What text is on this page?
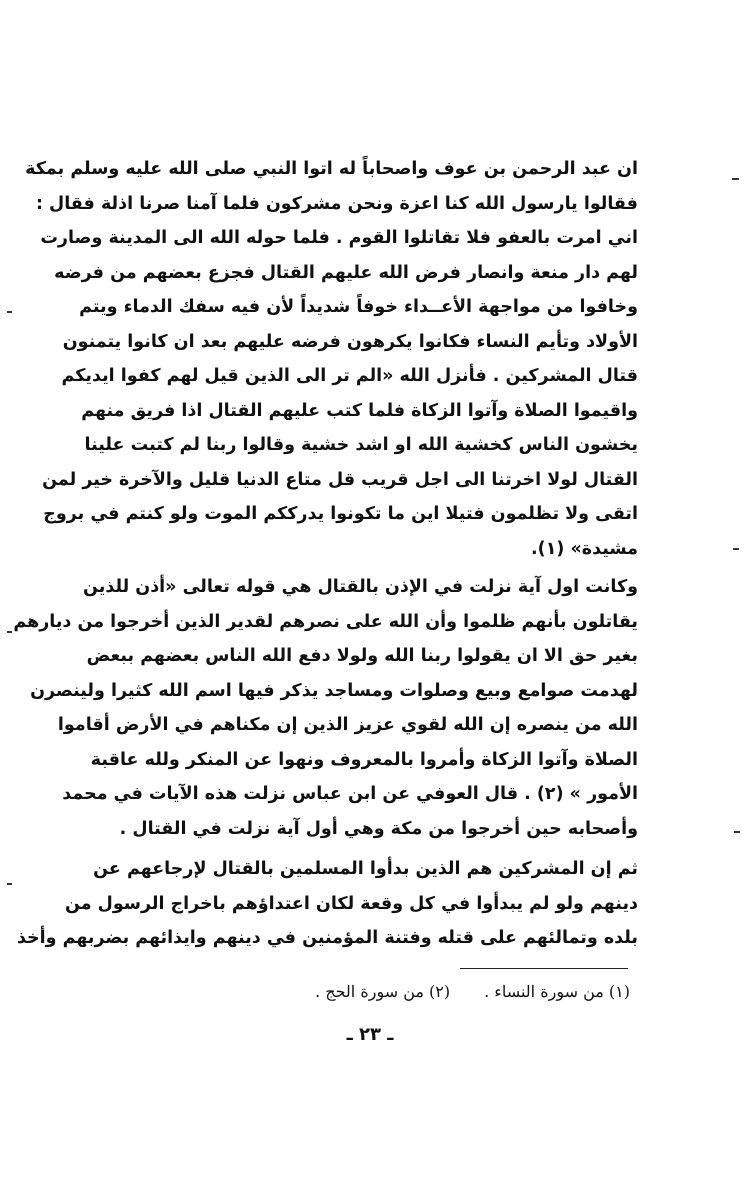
ان عبد الرحمن بن عوف واصحاباً له اتوا النبي صلى الله عليه وسلم بمكة
فقالوا يارسول الله كنا اعزة ونحن مشركون فلما آمنا صرنا اذلة فقال :
اني امرت بالعفو فلا تقاتلوا القوم . فلما حوله الله الى المدينة وصارت
لهم دار منعة وانصار فرض الله عليهم القتال فجزع بعضهم من فرضه
وخافوا من مواجهة الأعــداء خوفاً شديداً لأن فيه سفك الدماء ويتم
الأولاد وتأيم النساء فكانوا يكرهون فرضه عليهم بعد ان كانوا يتمنون
قتال المشركين . فأنزل الله «الم تر الى الذين قيل لهم كفوا ايديكم
واقيموا الصلاة وآتوا الزكاة فلما كتب عليهم القتال اذا فريق منهم
يخشون الناس كخشية الله او اشد خشية وقالوا ربنا لم كتبت علينا
القتال لولا اخرتنا الى اجل قريب قل متاع الدنيا قليل والآخرة خير لمن
اتقى ولا تظلمون فتيلا اين ما تكونوا يدرككم الموت ولو كنتم في بروج
مشيدة» (١).
وكانت اول آية نزلت في الإذن بالقتال هي قوله تعالى «أذن للذين
يقاتلون بأنهم ظلموا وأن الله على نصرهم لقدير الذين أخرجوا من ديارهم
بغير حق الا ان يقولوا ربنا الله ولولا دفع الله الناس بعضهم ببعض
لهدمت صوامع وبيع وصلوات ومساجد يذكر فيها اسم الله كثيرا ولينصرن
الله من ينصره إن الله لقوي عزيز الذين إن مكناهم في الأرض أقاموا
الصلاة وآتوا الزكاة وأمروا بالمعروف ونهوا عن المنكر ولله عاقبة
الأمور » (٢) . قال العوفي عن ابن عباس نزلت هذه الآيات في محمد
وأصحابه حين أخرجوا من مكة وهي أول آية نزلت في القتال .
ثم إن المشركين هم الذين بدأوا المسلمين بالقتال لإرجاعهم عن
دينهم ولو لم يبدأوا في كل وقعة لكان اعتداؤهم باخراج الرسول من
بلده وتمالئهم على قتله وفتنة المؤمنين في دينهم وايذائهم بضربهم وأخذ
(١) من سورة النساء .(٢) من سورة الحج .
ـ ٢٣ ـ
